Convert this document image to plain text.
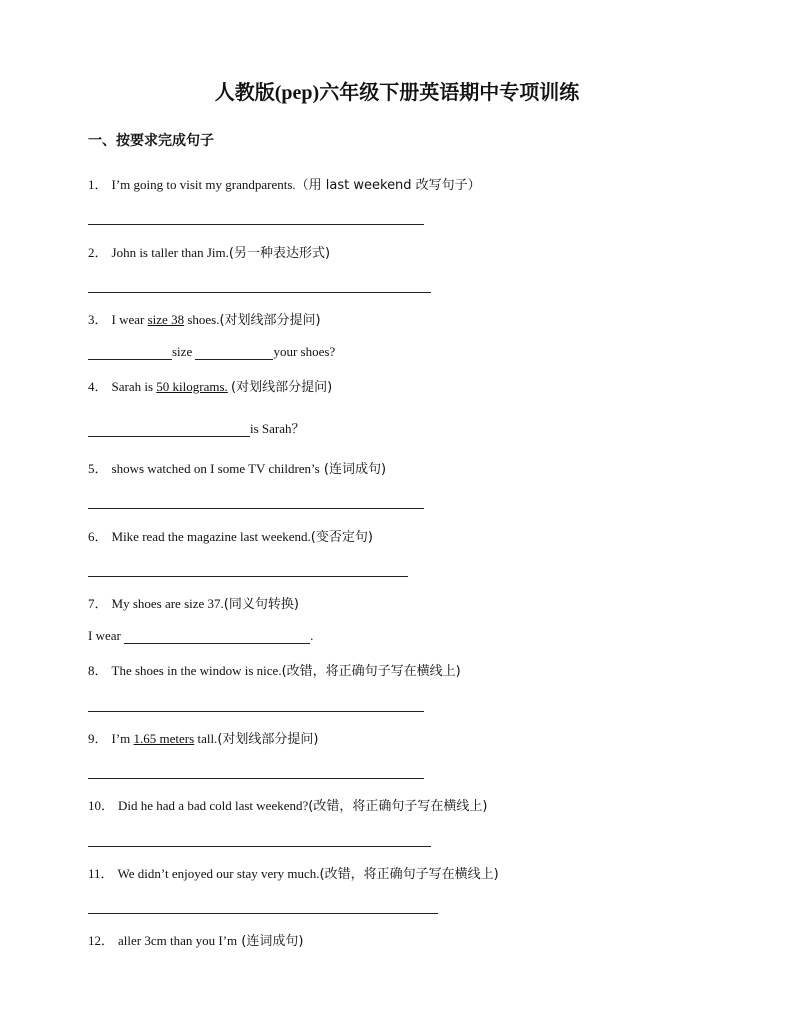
人教版(pep)六年级下册英语期中专项训练
一、按要求完成句子
1． I’m going to visit my grandparents.（用 last weekend 改写句子）
2． John is taller than Jim.(另一种表达形式)
3． I wear size 38 shoes.(对划线部分提问)
size	your shoes?
4． Sarah is 50 kilograms. (对划线部分提问)
is Sarah？
5． shows watched on I some TV children’s (连词成句)
6． Mike read the magazine last weekend.(变否定句)
7． My shoes are size 37.(同义句转换)
I wear	.
8． The shoes in the window is nice.(改错，将正确句子写在横线上)
9． I’m 1.65 meters tall.(对划线部分提问)
10． Did he had a bad cold last weekend?(改错，将正确句子写在横线上)
11． We didn’t enjoyed our stay very much.(改错，将正确句子写在横线上)
12． aller 3cm than you I’m (连词成句)
